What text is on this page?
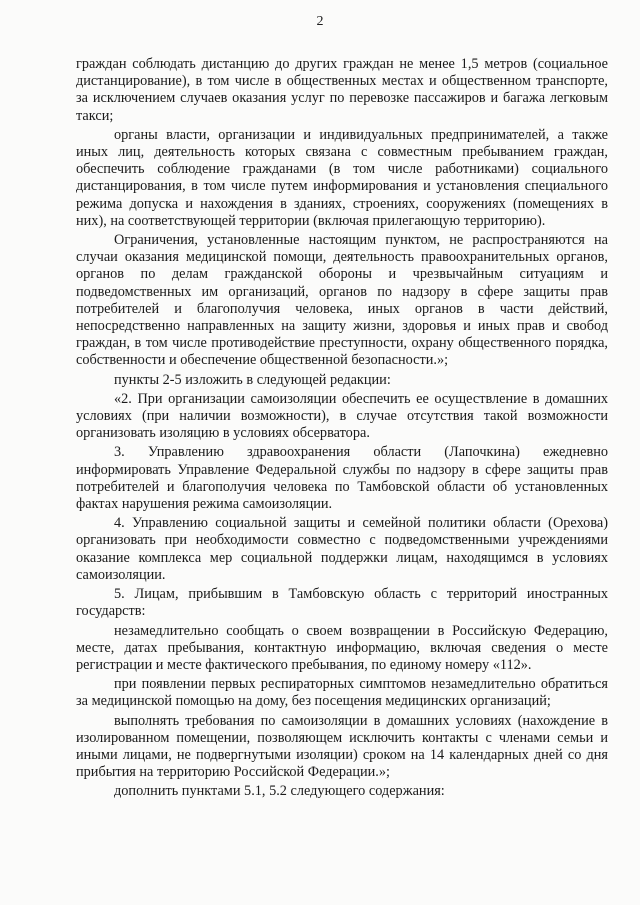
2

граждан соблюдать дистанцию до других граждан не менее 1,5 метров (социальное дистанцирование), в том числе в общественных местах и общественном транспорте, за исключением случаев оказания услуг по перевозке пассажиров и багажа легковым такси;

органы власти, организации и индивидуальных предпринимателей, а также иных лиц, деятельность которых связана с совместным пребыванием граждан, обеспечить соблюдение гражданами (в том числе работниками) социального дистанцирования, в том числе путем информирования и установления специального режима допуска и нахождения в зданиях, строениях, сооружениях (помещениях в них), на соответствующей территории (включая прилегающую территорию).

Ограничения, установленные настоящим пунктом, не распространяются на случаи оказания медицинской помощи, деятельность правоохранительных органов, органов по делам гражданской обороны и чрезвычайным ситуациям и подведомственных им организаций, органов по надзору в сфере защиты прав потребителей и благополучия человека, иных органов в части действий, непосредственно направленных на защиту жизни, здоровья и иных прав и свобод граждан, в том числе противодействие преступности, охрану общественного порядка, собственности и обеспечение общественной безопасности.»;

пункты 2-5 изложить в следующей редакции:

«2. При организации самоизоляции обеспечить ее осуществление в домашних условиях (при наличии возможности), в случае отсутствия такой возможности организовать изоляцию в условиях обсерватора.

3. Управлению здравоохранения области (Лапочкина) ежедневно информировать Управление Федеральной службы по надзору в сфере защиты прав потребителей и благополучия человека по Тамбовской области об установленных фактах нарушения режима самоизоляции.

4. Управлению социальной защиты и семейной политики области (Орехова) организовать при необходимости совместно с подведомственными учреждениями оказание комплекса мер социальной поддержки лицам, находящимся в условиях самоизоляции.

5. Лицам, прибывшим в Тамбовскую область с территорий иностранных государств:

незамедлительно сообщать о своем возвращении в Российскую Федерацию, месте, датах пребывания, контактную информацию, включая сведения о месте регистрации и месте фактического пребывания, по единому номеру «112».

при появлении первых респираторных симптомов незамедлительно обратиться за медицинской помощью на дому, без посещения медицинских организаций;

выполнять требования по самоизоляции в домашних условиях (нахождение в изолированном помещении, позволяющем исключить контакты с членами семьи и иными лицами, не подвергнутыми изоляции) сроком на 14 календарных дней со дня прибытия на территорию Российской Федерации.»;

дополнить пунктами 5.1, 5.2 следующего содержания:
